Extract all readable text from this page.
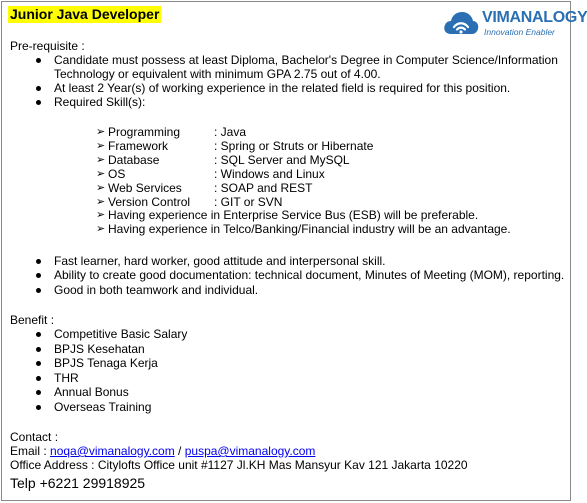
Junior Java Developer	VIMANALOGY
Innovation Enabler
Pre-requisite :
Candidate must possess at least Diploma, Bachelor's Degree in Computer Science/Information
Technology or equivalent with minimum GPA 2.75 out of 4.00.
At least 2 Year(s) of working experience in the related field is required for this position.
Required Skill(s):
➢ Programming	: Java
➢ Framework	: Spring or Struts or Hibernate
➢ Database	: SQL Server and MySQL
➢ OS	: Windows and Linux
➢ Web Services	: SOAP and REST
➢ Version Control : GIT or SVN
➢ Having experience in Enterprise Service Bus (ESB) will be preferable.
➢ Having experience in Telco/Banking/Financial industry will be an advantage.
Fast learner, hard worker, good attitude and interpersonal skill.
Ability to create good documentation: technical document, Minutes of Meeting (MOM), reporting.
Good in both teamwork and individual.
Benefit :
Competitive Basic Salary
BPJS Kesehatan
BPJS Tenaga Kerja
THR
Annual Bonus
Overseas Training
Contact :
Email : noqa@vimanalogy.com / puspa@vimanalogy.com
Office Address : Citylofts Office unit #1127 Jl.KH Mas Mansyur Kav 121 Jakarta 10220
Telp +6221 29918925
